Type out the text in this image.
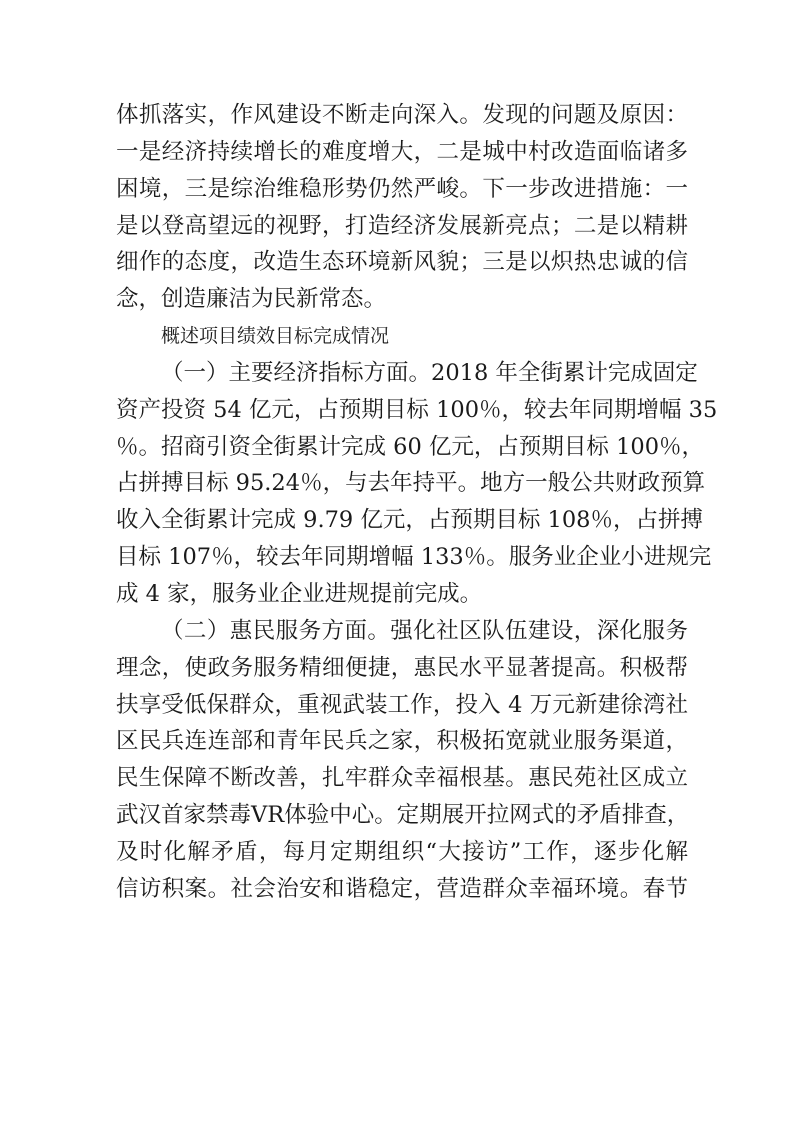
体抓落实，作风建设不断走向深入。发现的问题及原因：
一是经济持续增长的难度增大，二是城中村改造面临诸多
困境，三是综治维稳形势仍然严峻。下一步改进措施：一
是以登高望远的视野，打造经济发展新亮点；二是以精耕
细作的态度，改造生态环境新风貌；三是以炽热忠诚的信
念，创造廉洁为民新常态。
概述项目绩效目标完成情况
（一）主要经济指标方面。2018 年全街累计完成固定
资产投资 54 亿元，占预期目标 100％，较去年同期增幅 35
％。招商引资全街累计完成 60 亿元，占预期目标 100％，
占拼搏目标 95.24％，与去年持平。地方一般公共财政预算
收入全街累计完成 9.79 亿元，占预期目标 108％，占拼搏
目标 107％，较去年同期增幅 133％。服务业企业小进规完
成 4 家，服务业企业进规提前完成。
（二）惠民服务方面。强化社区队伍建设，深化服务
理念，使政务服务精细便捷，惠民水平显著提高。积极帮
扶享受低保群众，重视武装工作，投入 4 万元新建徐湾社
区民兵连连部和青年民兵之家，积极拓宽就业服务渠道，
民生保障不断改善，扎牢群众幸福根基。惠民苑社区成立
武汉首家禁毒VR体验中心。定期展开拉网式的矛盾排查，
及时化解矛盾，每月定期组织“大接访”工作，逐步化解
信访积案。社会治安和谐稳定，营造群众幸福环境。春节
